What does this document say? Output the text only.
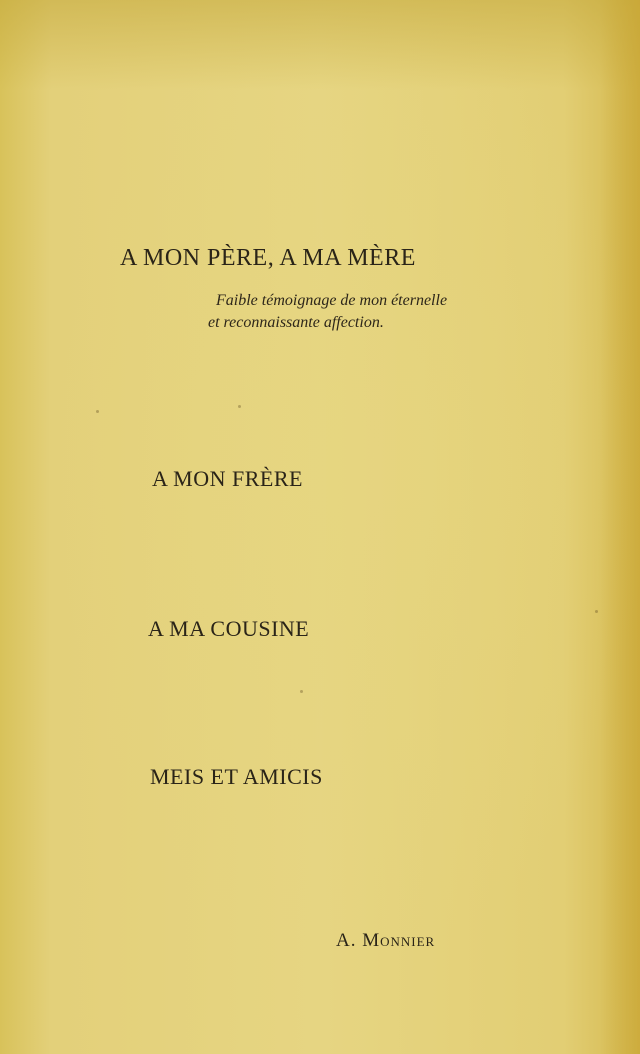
A MON PÈRE, A MA MÈRE

Faible témoignage de mon éternelle
et reconnaissante affection.

A MON FRÈRE
A MA COUSINE
MEIS ET AMICIS

A. Monnier
